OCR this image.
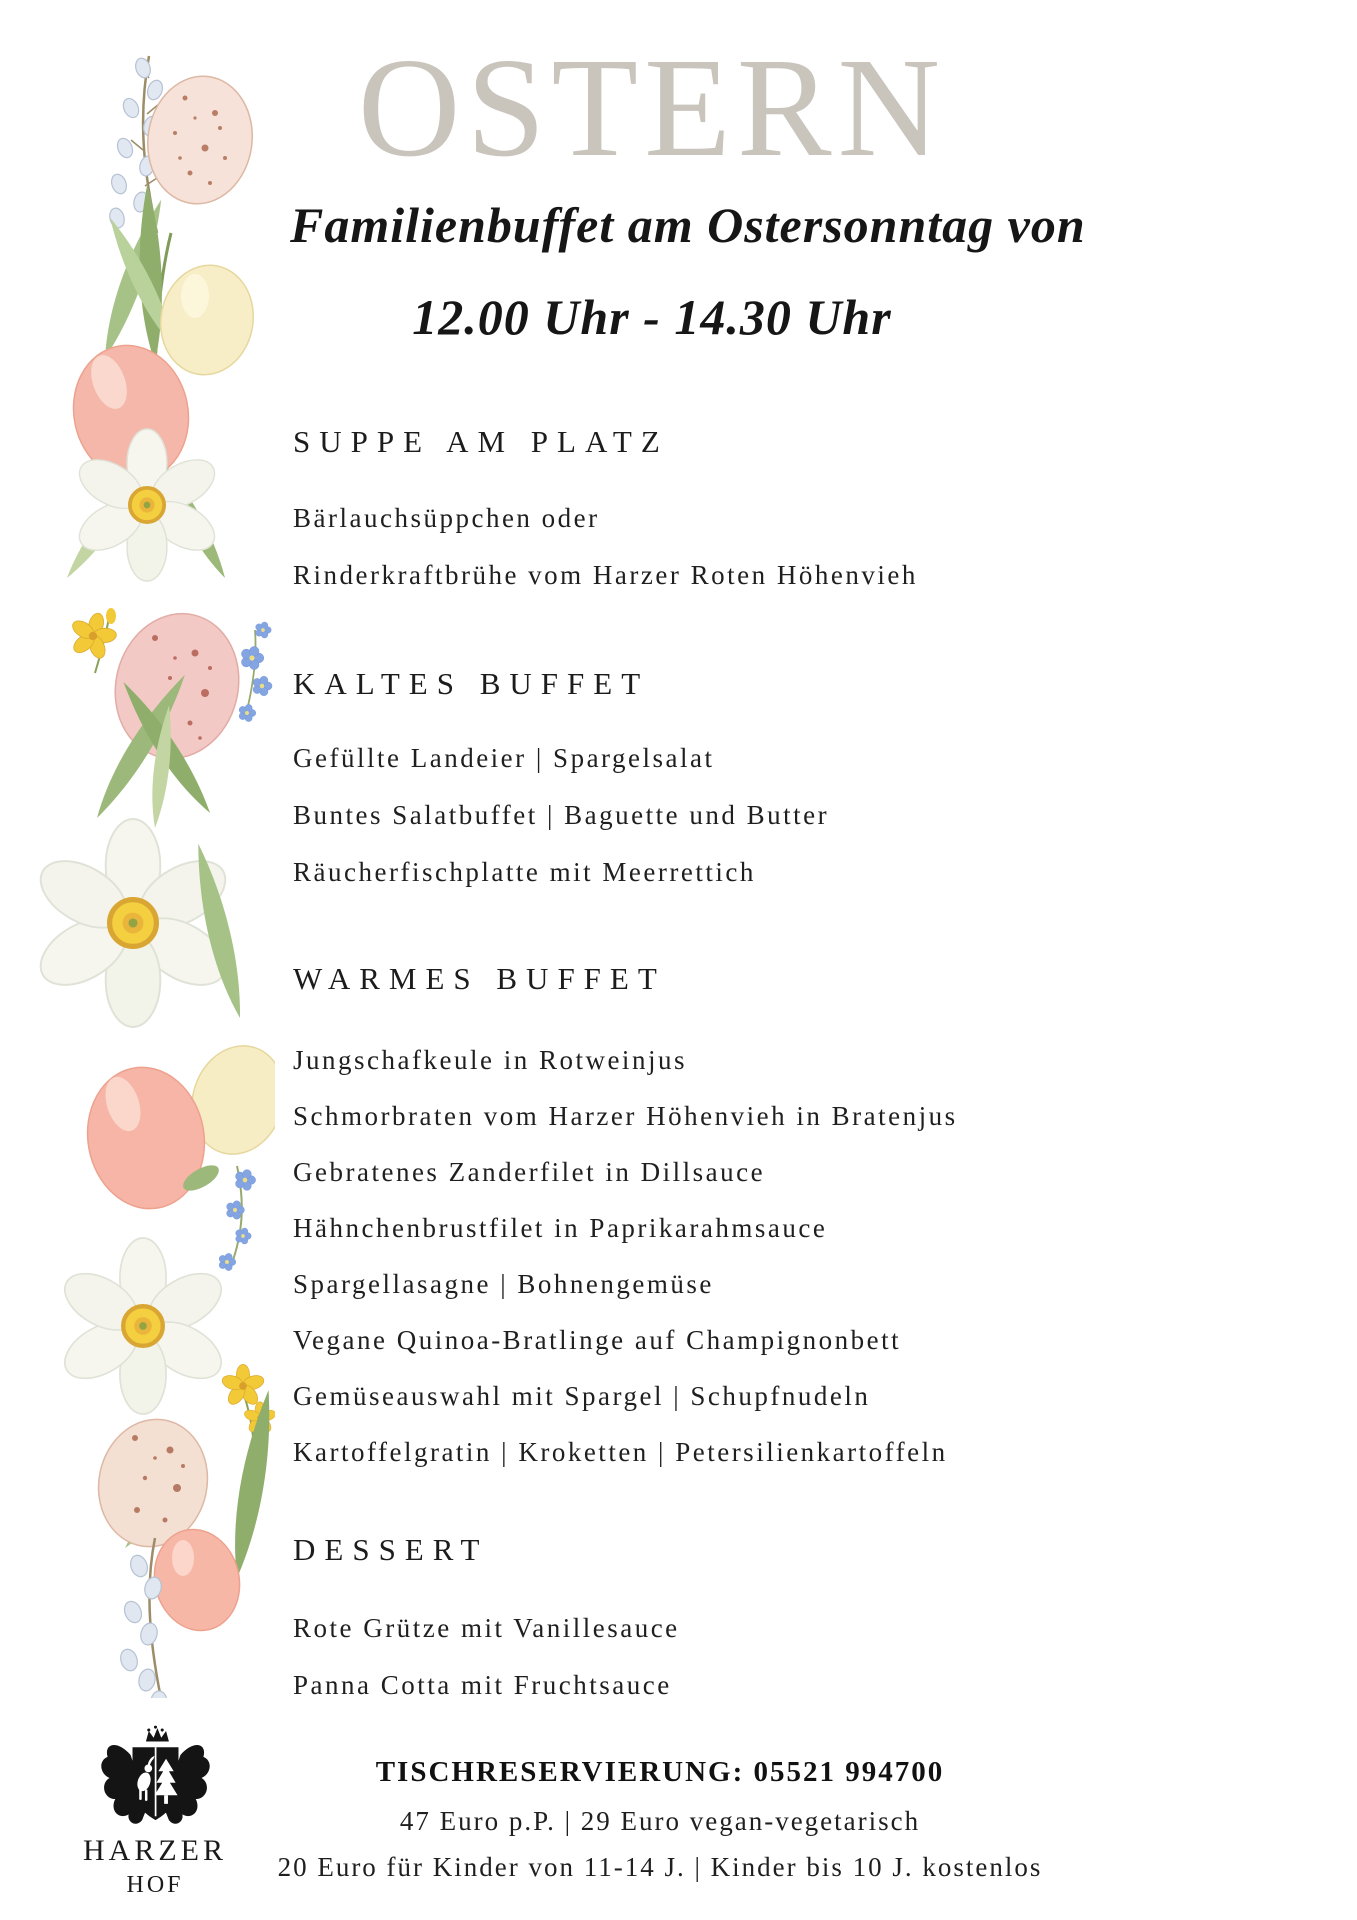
OSTERN
Familienbuffet am Ostersonntag von
12.00 Uhr - 14.30 Uhr
SUPPE AM PLATZ
Bärlauchsüppchen oder
Rinderkraftbrühe vom Harzer Roten Höhenvieh
KALTES BUFFET
Gefüllte Landeier | Spargelsalat
Buntes Salatbuffet | Baguette und Butter
Räucherfischplatte mit Meerrettich
WARMES BUFFET
Jungschafkeule in Rotweinjus
Schmorbraten vom Harzer Höhenvieh in Bratenjus
Gebratenes Zanderfilet in Dillsauce
Hähnchenbrustfilet in Paprikarahmsauce
Spargellasagne | Bohnengemüse
Vegane Quinoa-Bratlinge auf Champignonbett
Gemüseauswahl mit Spargel | Schupfnudeln
Kartoffelgratin | Kroketten | Petersilienkartoffeln
DESSERT
Rote Grütze mit Vanillesauce
Panna Cotta mit Fruchtsauce
TISCHRESERVIERUNG: 05521 994700
47 Euro p.P. | 29 Euro vegan-vegetarisch
20 Euro für Kinder von 11-14 J. | Kinder bis 10 J. kostenlos
HARZER
HOF
